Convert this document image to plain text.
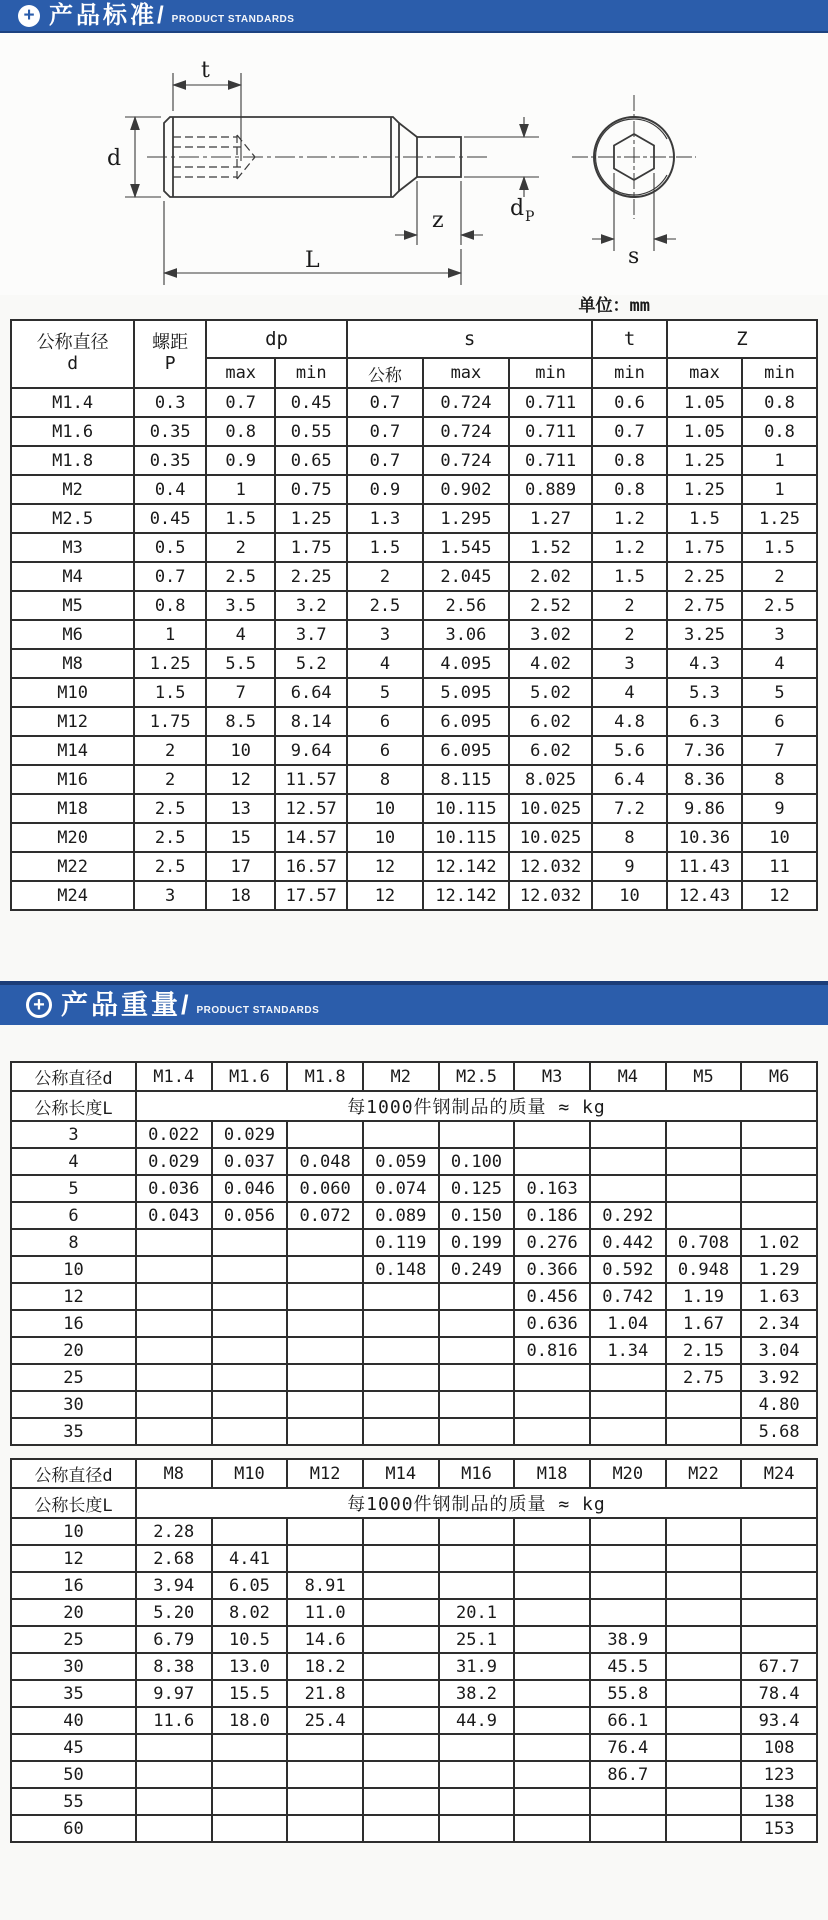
+ 产品标准/ PRODUCT STANDARDS
t
d
z	d P
L	s
单位：mm
公称直径
d

螺距
P
	dp	s	t	Z
		max	min	公称	max	min	min	max	min
M1.4	0.3	0.7	0.45	0.7	0.724	0.711	0.6	1.05	0.8
M1.6	0.35	0.8	0.55	0.7	0.724	0.711	0.7	1.05	0.8
M1.8	0.35	0.9	0.65	0.7	0.724	0.711	0.8	1.25	1
M2	0.4	1	0.75	0.9	0.902	0.889	0.8	1.25	1
M2.5	0.45	1.5	1.25	1.3	1.295	1.27	1.2	1.5	1.25
M3	0.5	2	1.75	1.5	1.545	1.52	1.2	1.75	1.5
M4	0.7	2.5	2.25	2	2.045	2.02	1.5	2.25	2
M5	0.8	3.5	3.2	2.5	2.56	2.52	2	2.75	2.5
M6	1	4	3.7	3	3.06	3.02	2	3.25	3
M8	1.25	5.5	5.2	4	4.095	4.02	3	4.3	4
M10	1.5	7	6.64	5	5.095	5.02	4	5.3	5
M12	1.75	8.5	8.14	6	6.095	6.02	4.8	6.3	6
M14	2	10	9.64	6	6.095	6.02	5.6	7.36	7
M16	2	12	11.57	8	8.115	8.025	6.4	8.36	8
M18	2.5	13	12.57	10	10.115	10.025	7.2	9.86	9
M20	2.5	15	14.57	10	10.115	10.025	8	10.36	10
M22	2.5	17	16.57	12	12.142	12.032	9	11.43	11
M24	3	18	17.57	12	12.142	12.032	10	12.43	12
+ 产品重量/ PRODUCT STANDARDS
公称直径d	M1.4	M1.6	M1.8	M2	M2.5	M3	M4	M5	M6
公称长度L	每1000件钢制品的质量 ≈ kg								
3	0.022	0.029							
4	0.029	0.037	0.048	0.059	0.100				
5	0.036	0.046	0.060	0.074	0.125	0.163			
6	0.043	0.056	0.072	0.089	0.150	0.186	0.292		
8				0.119	0.199	0.276	0.442	0.708	1.02
10				0.148	0.249	0.366	0.592	0.948	1.29
12						0.456	0.742	1.19	1.63
16						0.636	1.04	1.67	2.34
20						0.816	1.34	2.15	3.04
25								2.75	3.92
30									4.80
35									5.68
公称直径d	M8	M10	M12	M14	M16	M18	M20	M22	M24
公称长度L	每1000件钢制品的质量 ≈ kg								
10	2.28								
12	2.68	4.41							
16	3.94	6.05	8.91						
20	5.20	8.02	11.0		20.1				
25	6.79	10.5	14.6		25.1		38.9		
30	8.38	13.0	18.2		31.9		45.5		67.7
35	9.97	15.5	21.8		38.2		55.8		78.4
40	11.6	18.0	25.4		44.9		66.1		93.4
45							76.4		108
50							86.7		123
55									138
60									153
